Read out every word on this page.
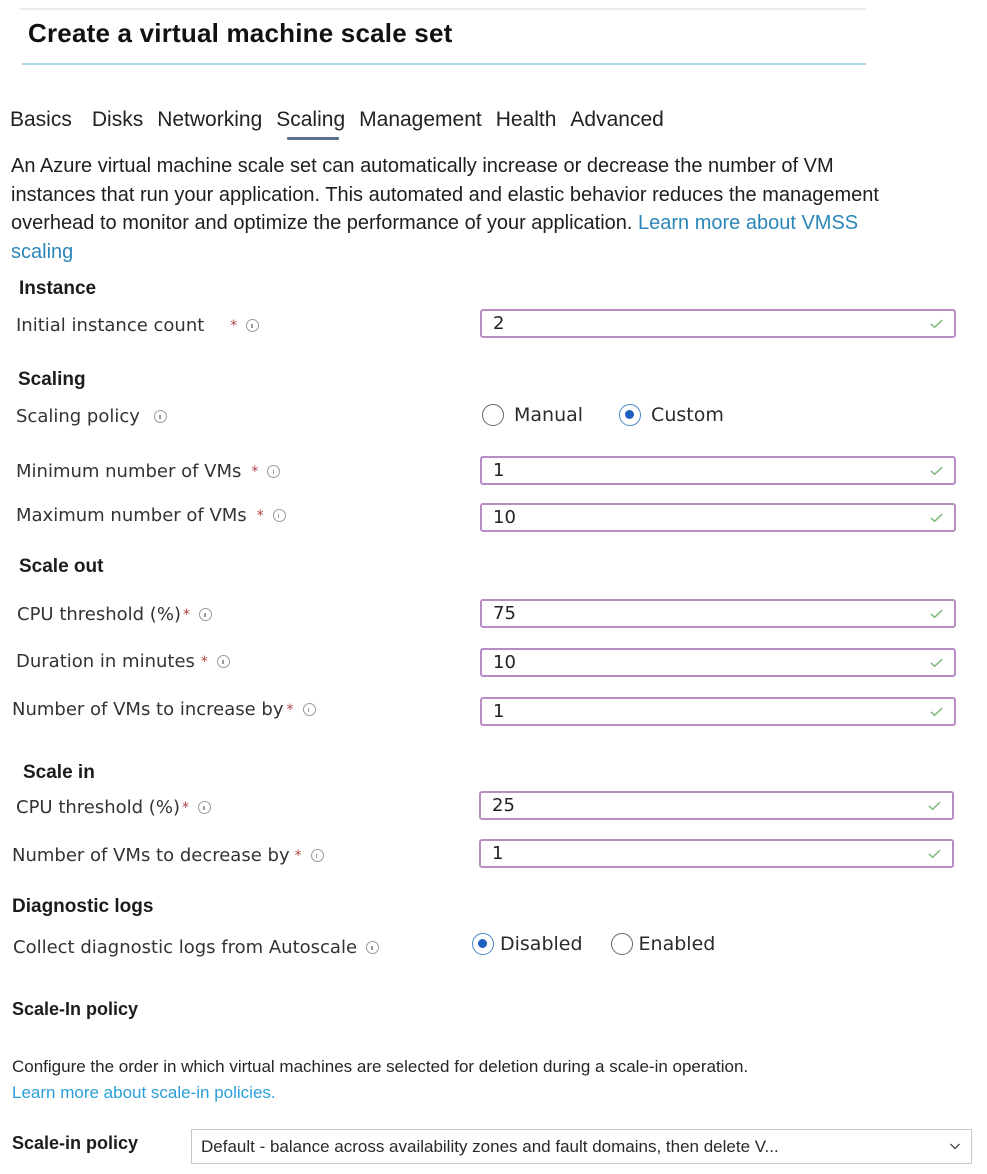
Create a virtual machine scale set
Basics Disks Networking Scaling Management Health Advanced

An Azure virtual machine scale set can automatically increase or decrease the number of VM instances that run your application. This automated and elastic behavior reduces the management overhead to monitor and optimize the performance of your application. Learn more about VMSS scaling

Instance
Initial instance count *	2
Scaling
Scaling policy	Manual	Custom
Minimum number of VMs *	1
Maximum number of VMs *	10
Scale out
CPU threshold (%) *	75
Duration in minutes *	10
Number of VMs to increase by *	1
Scale in
CPU threshold (%) *	25
Number of VMs to decrease by *	1
Diagnostic logs
Collect diagnostic logs from Autoscale	Disabled	Enabled
Scale-In policy
Configure the order in which virtual machines are selected for deletion during a scale-in operation.
Learn more about scale-in policies.
Scale-in policy	Default - balance across availability zones and fault domains, then delete V...
